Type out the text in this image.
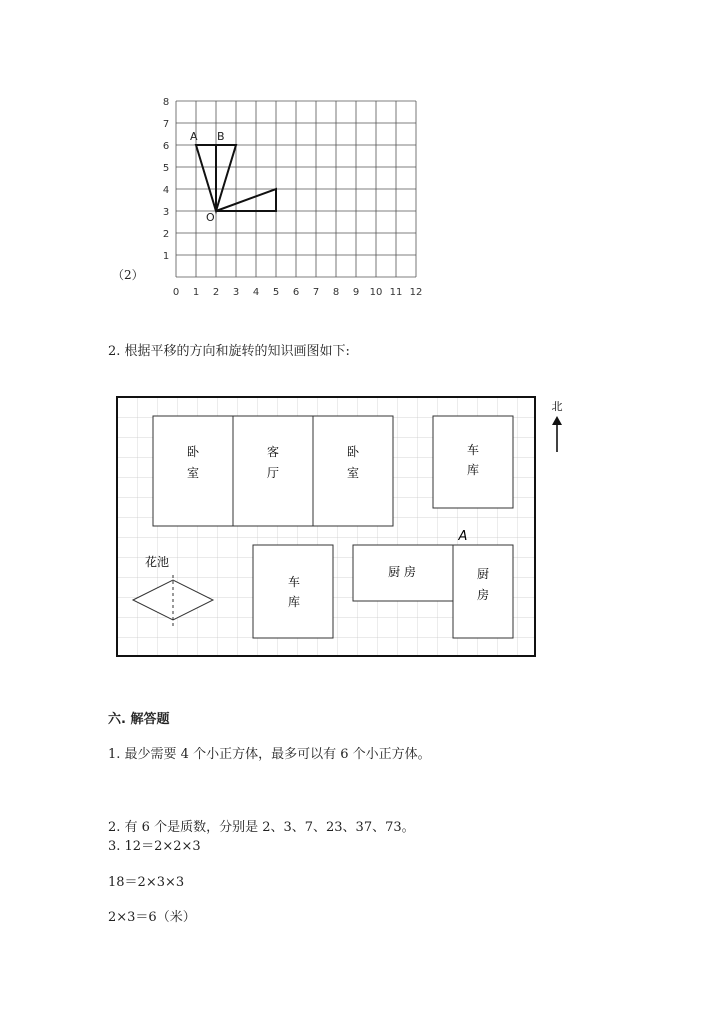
0 1 2 3 4 5 6 7 8 9 10 11 12
1
2
3
4
5
6
7
8
A B
O
（2）
2. 根据平移的方向和旋转的知识画图如下:
卧
室
客
厅
卧
室
车
库
车
库
厨 房	厨
房
A
花池
北
六. 解答题
1. 最少需要 4 个小正方体，最多可以有 6 个小正方体。
2. 有 6 个是质数，分别是 2、3、7、23、37、73。
3. 12＝2×2×3
18＝2×3×3
2×3＝6（米）
